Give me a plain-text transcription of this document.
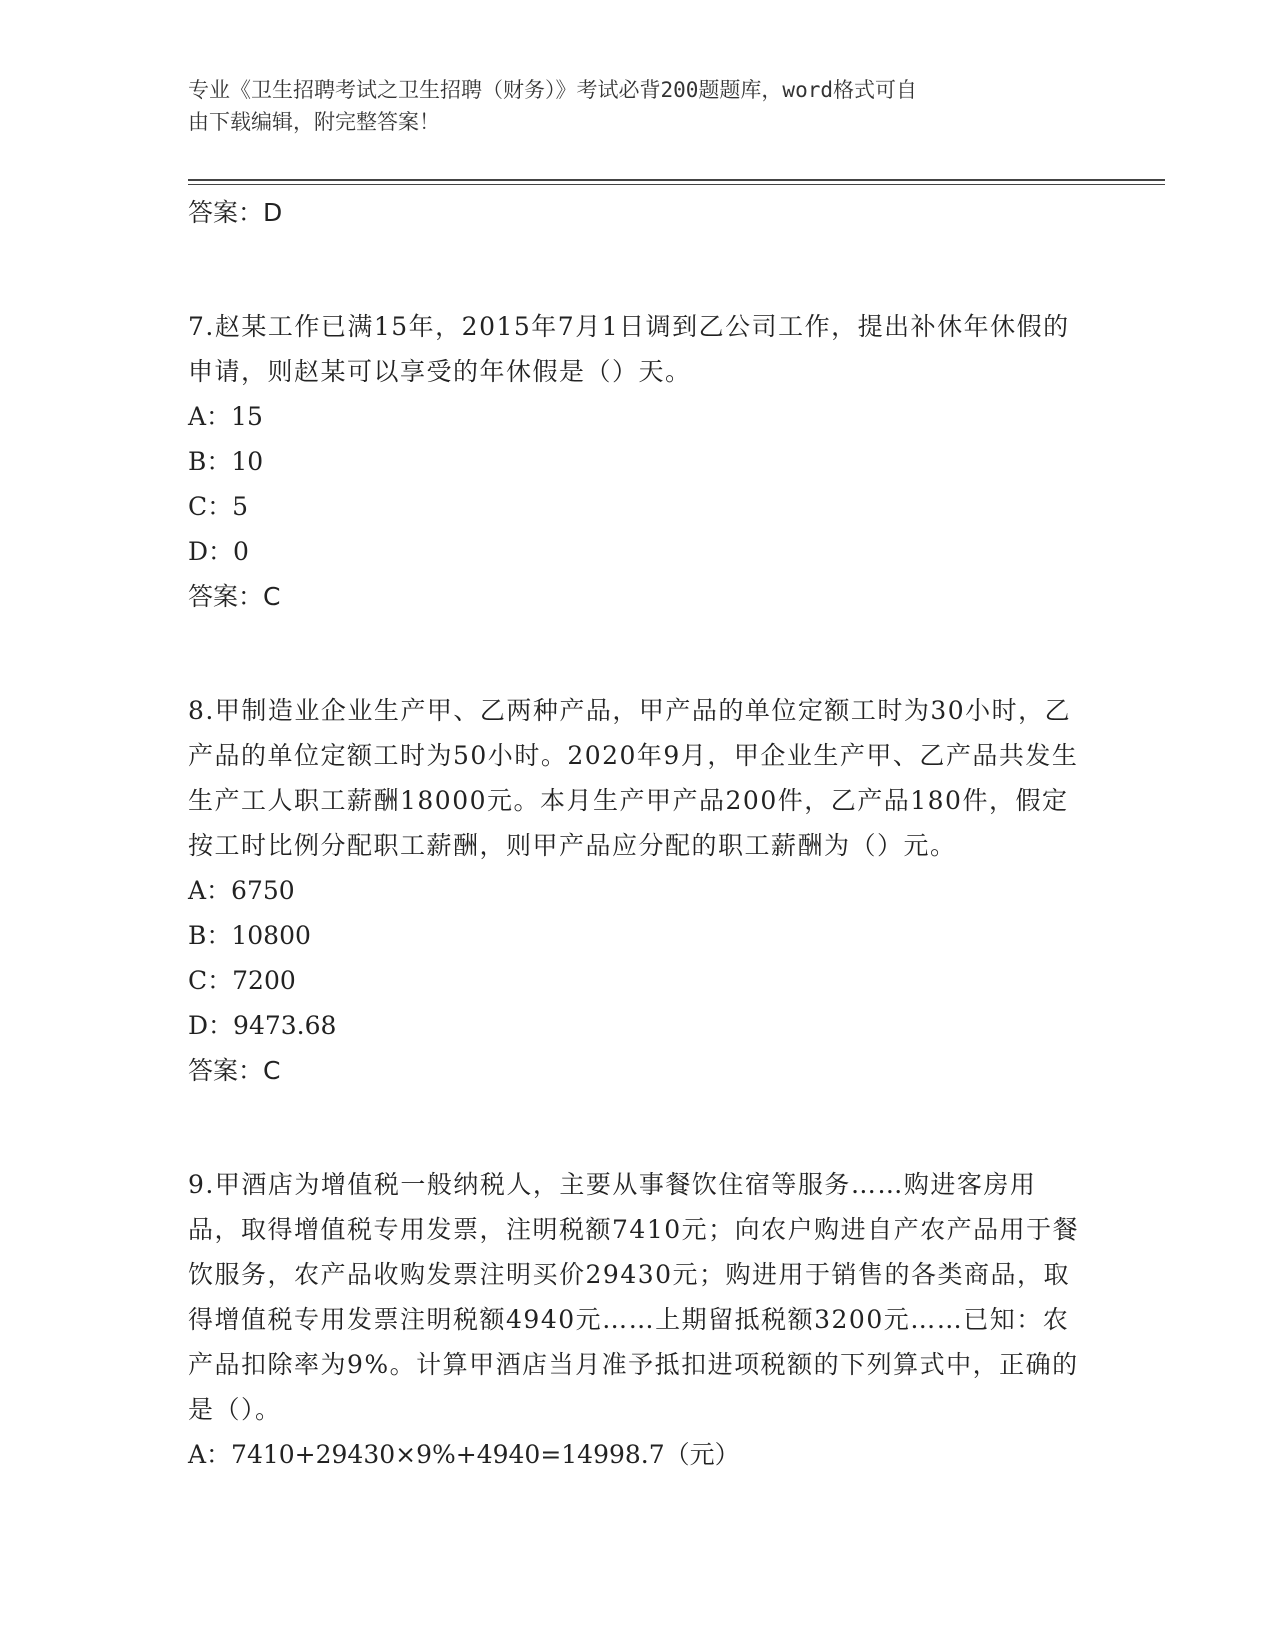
专业《卫生招聘考试之卫生招聘（财务）》考试必背200题题库，word格式可自
由下载编辑，附完整答案！
答案：D

7.赵某工作已满15年，2015年7月1日调到乙公司工作，提出补休年休假的申请，则赵某可以享受的年休假是（）天。

A：15

B：10

C：5

D：0

答案：C

8.甲制造业企业生产甲、乙两种产品，甲产品的单位定额工时为30小时，乙产品的单位定额工时为50小时。2020年9月，甲企业生产甲、乙产品共发生生产工人职工薪酬18000元。本月生产甲产品200件，乙产品180件，假定按工时比例分配职工薪酬，则甲产品应分配的职工薪酬为（）元。

A：6750

B：10800

C：7200

D：9473.68

答案：C

9.甲酒店为增值税一般纳税人，主要从事餐饮住宿等服务……购进客房用品，取得增值税专用发票，注明税额7410元；向农户购进自产农产品用于餐饮服务，农产品收购发票注明买价29430元；购进用于销售的各类商品，取得增值税专用发票注明税额4940元……上期留抵税额3200元……已知：农产品扣除率为9%。计算甲酒店当月准予抵扣进项税额的下列算式中，正确的是（）。

A：7410+29430×9%+4940=14998.7（元）
